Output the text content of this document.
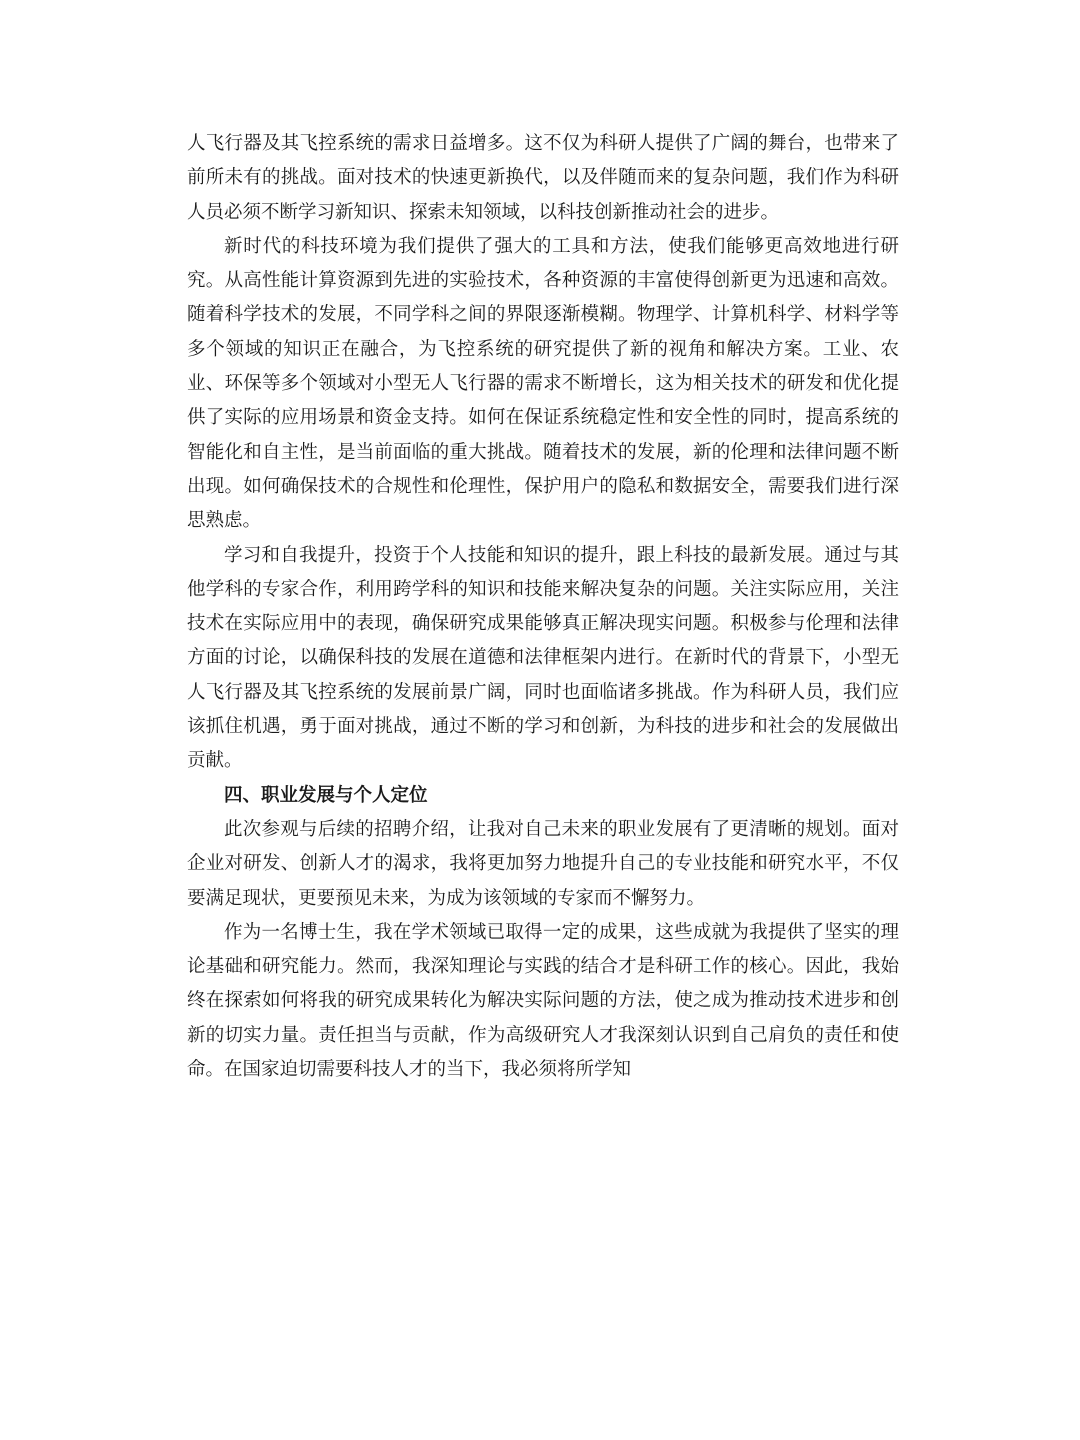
人飞行器及其飞控系统的需求日益增多。这不仅为科研人提供了广阔的舞台，也带来了前所未有的挑战。面对技术的快速更新换代，以及伴随而来的复杂问题，我们作为科研人员必须不断学习新知识、探索未知领域，以科技创新推动社会的进步。

新时代的科技环境为我们提供了强大的工具和方法，使我们能够更高效地进行研究。从高性能计算资源到先进的实验技术，各种资源的丰富使得创新更为迅速和高效。随着科学技术的发展，不同学科之间的界限逐渐模糊。物理学、计算机科学、材料学等多个领域的知识正在融合，为飞控系统的研究提供了新的视角和解决方案。工业、农业、环保等多个领域对小型无人飞行器的需求不断增长，这为相关技术的研发和优化提供了实际的应用场景和资金支持。如何在保证系统稳定性和安全性的同时，提高系统的智能化和自主性，是当前面临的重大挑战。随着技术的发展，新的伦理和法律问题不断出现。如何确保技术的合规性和伦理性，保护用户的隐私和数据安全，需要我们进行深思熟虑。

学习和自我提升，投资于个人技能和知识的提升，跟上科技的最新发展。通过与其他学科的专家合作，利用跨学科的知识和技能来解决复杂的问题。关注实际应用，关注技术在实际应用中的表现，确保研究成果能够真正解决现实问题。积极参与伦理和法律方面的讨论，以确保科技的发展在道德和法律框架内进行。在新时代的背景下，小型无人飞行器及其飞控系统的发展前景广阔，同时也面临诸多挑战。作为科研人员，我们应该抓住机遇，勇于面对挑战，通过不断的学习和创新，为科技的进步和社会的发展做出贡献。

四、职业发展与个人定位

此次参观与后续的招聘介绍，让我对自己未来的职业发展有了更清晰的规划。面对企业对研发、创新人才的渴求，我将更加努力地提升自己的专业技能和研究水平，不仅要满足现状，更要预见未来，为成为该领域的专家而不懈努力。

作为一名博士生，我在学术领域已取得一定的成果，这些成就为我提供了坚实的理论基础和研究能力。然而，我深知理论与实践的结合才是科研工作的核心。因此，我始终在探索如何将我的研究成果转化为解决实际问题的方法，使之成为推动技术进步和创新的切实力量。责任担当与贡献，作为高级研究人才我深刻认识到自己肩负的责任和使命。在国家迫切需要科技人才的当下，我必须将所学知
